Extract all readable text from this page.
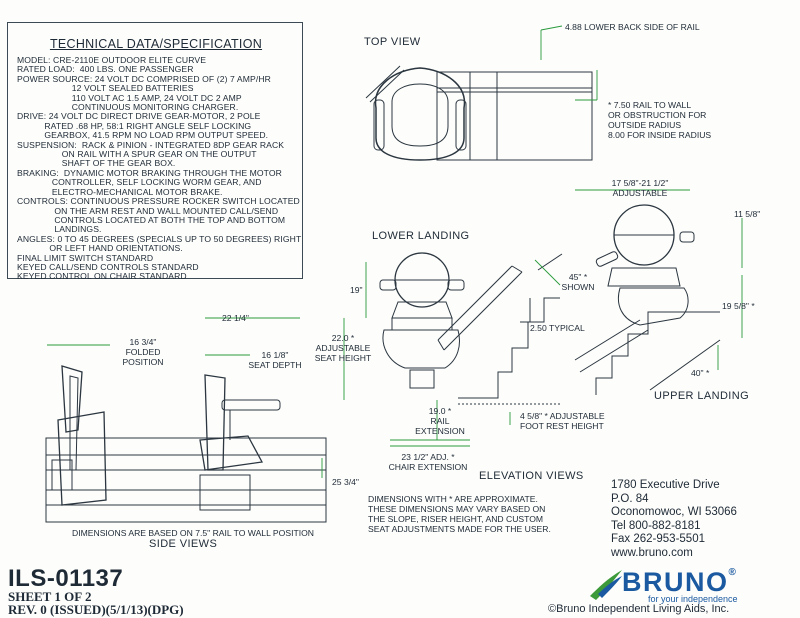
TECHNICAL DATA/SPECIFICATION
MODEL: CRE-2110E OUTDOOR ELITE CURVE
RATED LOAD:  400 LBS. ONE PASSENGER
POWER SOURCE: 24 VOLT DC COMPRISED OF (2) 7 AMP/HR
12 VOLT SEALED BATTERIES
110 VOLT AC 1.5 AMP, 24 VOLT DC 2 AMP
CONTINUOUS MONITORING CHARGER.
DRIVE: 24 VOLT DC DIRECT DRIVE GEAR-MOTOR, 2 POLE
RATED .68 HP, 58:1 RIGHT ANGLE SELF LOCKING
GEARBOX, 41.5 RPM NO LOAD RPM OUTPUT SPEED.
SUSPENSION:  RACK & PINION - INTEGRATED 8DP GEAR RACK
ON RAIL WITH A SPUR GEAR ON THE OUTPUT
SHAFT OF THE GEAR BOX.
BRAKING:  DYNAMIC MOTOR BRAKING THROUGH THE MOTOR
CONTROLLER, SELF LOCKING WORM GEAR, AND
ELECTRO-MECHANICAL MOTOR BRAKE.
CONTROLS: CONTINUOUS PRESSURE ROCKER SWITCH LOCATED
ON THE ARM REST AND WALL MOUNTED CALL/SEND
CONTROLS LOCATED AT BOTH THE TOP AND BOTTOM
LANDINGS.
ANGLES: 0 TO 45 DEGREES (SPECIALS UP TO 50 DEGREES) RIGHT
OR LEFT HAND ORIENTATIONS.
FINAL LIMIT SWITCH STANDARD
KEYED CALL/SEND CONTROLS STANDARD
KEYED CONTROL ON CHAIR STANDARD
TOP VIEW
4.88 LOWER BACK SIDE OF RAIL
* 7.50 RAIL TO WALL
OR OBSTRUCTION FOR
OUTSIDE RADIUS
8.00 FOR INSIDE RADIUS
LOWER LANDING
19"
22.0 *
ADJUSTABLE
SEAT HEIGHT
2.50 TYPICAL
45" *
SHOWN
19.0 *
RAIL
EXTENSION
23 1/2" ADJ. *
CHAIR EXTENSION
4 5/8" * ADJUSTABLE
FOOT REST HEIGHT
17 5/8"-21 1/2"
ADJUSTABLE
11 5/8"
19 5/8" *
40" *
UPPER LANDING
ELEVATION VIEWS
16 3/4"
FOLDED
POSITION
22 1/4"
16 1/8"
SEAT DEPTH
25 3/4"
DIMENSIONS ARE BASED ON 7.5" RAIL TO WALL POSITION
SIDE VIEWS
DIMENSIONS WITH * ARE APPROXIMATE.
THESE DIMENSIONS MAY VARY BASED ON
THE SLOPE, RISER HEIGHT, AND CUSTOM
SEAT ADJUSTMENTS MADE FOR THE USER.
1780 Executive Drive
P.O. 84
Oconomowoc, WI 53066
Tel 800-882-8181
Fax 262-953-5501
www.bruno.com
ILS-01137
SHEET 1 OF 2
REV. 0 (ISSUED)(5/1/13)(DPG)
BRUNO®
for your independence
©Bruno Independent Living Aids, Inc.
